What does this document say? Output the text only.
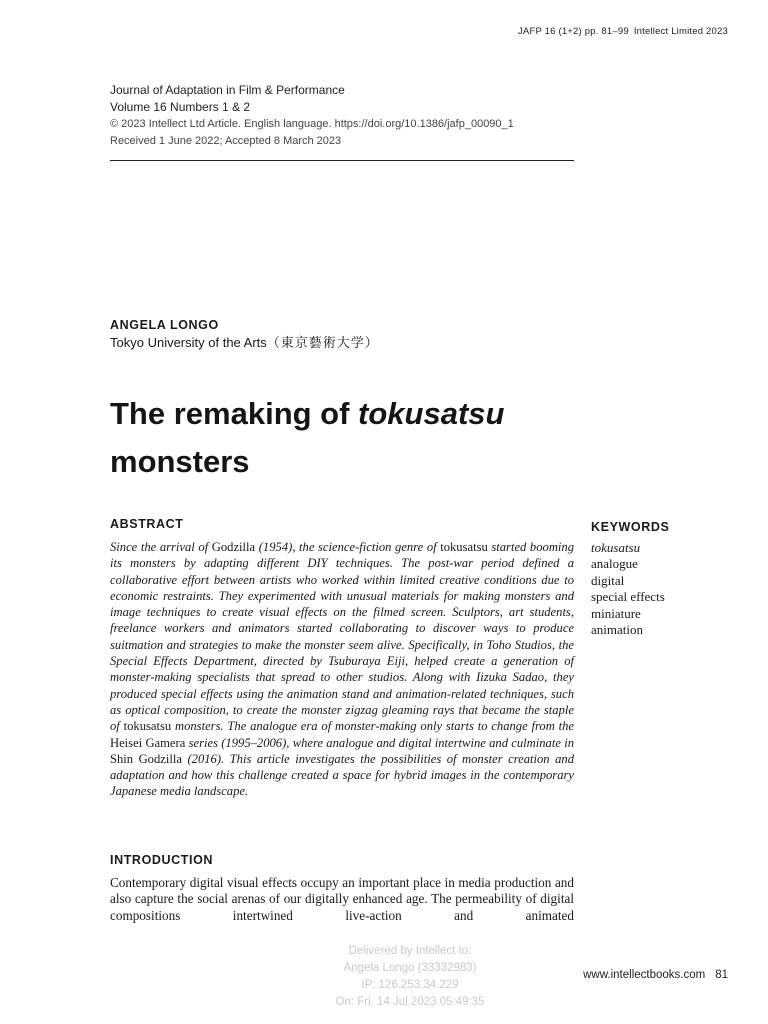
JAFP 16 (1+2) pp. 81–99 Intellect Limited 2023
Journal of Adaptation in Film & Performance
Volume 16 Numbers 1 & 2
© 2023 Intellect Ltd Article. English language. https://doi.org/10.1386/jafp_00090_1
Received 1 June 2022; Accepted 8 March 2023
ANGELA LONGO
Tokyo University of the Arts（東京藝術大学）
The remaking of tokusatsu
monsters
ABSTRACT
Since the arrival of Godzilla (1954), the science-fiction genre of tokusatsu started booming its monsters by adapting different DIY techniques. The post-war period defined a collaborative effort between artists who worked within limited creative conditions due to economic restraints. They experimented with unusual materials for making monsters and image techniques to create visual effects on the filmed screen. Sculptors, art students, freelance workers and animators started collaborating to discover ways to produce suitmation and strategies to make the monster seem alive. Specifically, in Toho Studios, the Special Effects Department, directed by Tsuburaya Eiji, helped create a generation of monster-making specialists that spread to other studios. Along with Iizuka Sadao, they produced special effects using the animation stand and animation-related techniques, such as optical composition, to create the monster zigzag gleaming rays that became the staple of tokusatsu monsters. The analogue era of monster-making only starts to change from the Heisei Gamera series (1995–2006), where analogue and digital intertwine and culminate in Shin Godzilla (2016). This article investigates the possibilities of monster creation and adaptation and how this challenge created a space for hybrid images in the contemporary Japanese media landscape.
KEYWORDS
tokusatsu
analogue
digital
special effects
miniature
animation
INTRODUCTION
Contemporary digital visual effects occupy an important place in media production and also capture the social arenas of our digitally enhanced age. The permeability of digital compositions intertwined live-action and animated
Delivered by Intellect to:
Angela Longo (33332983)
IP: 126.253.34.229
On: Fri, 14 Jul 2023 05:49:35
www.intellectbooks.com 81
